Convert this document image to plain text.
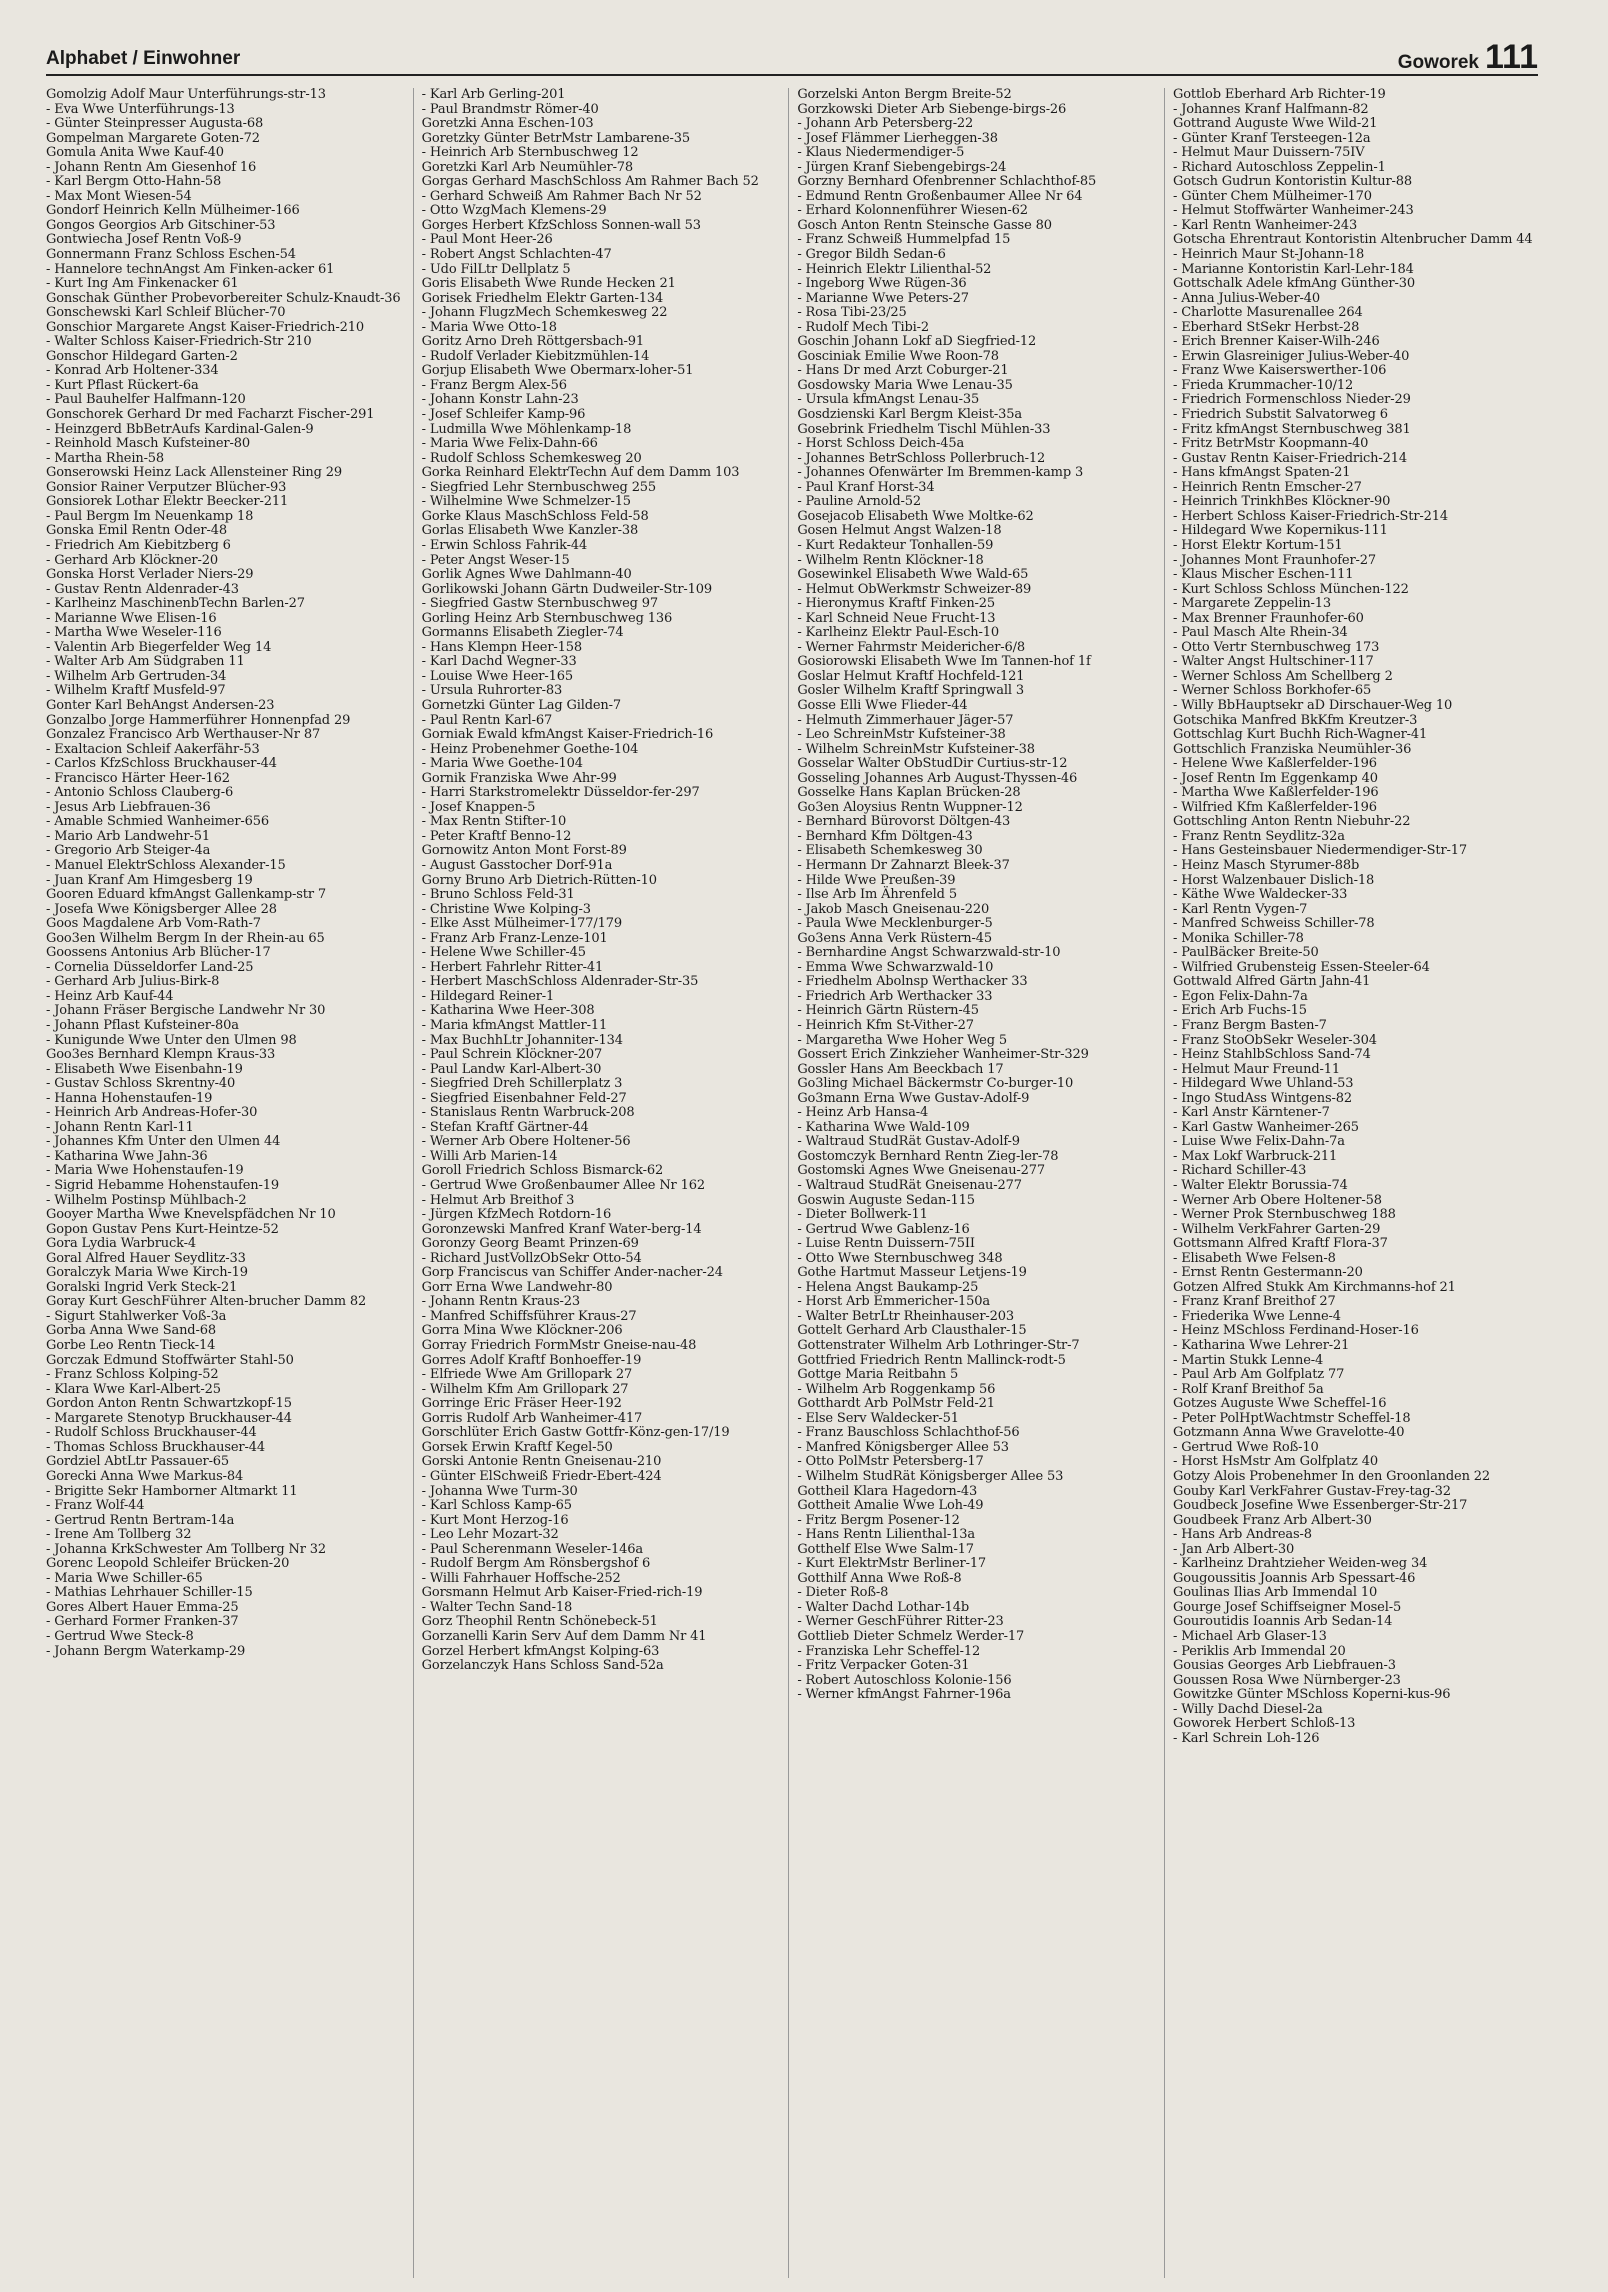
Alphabet / Einwohner	Goworek 111
Gomolzig Adolf Maur Unterführungs-str-13
- Eva Wwe Unterführungs-13
- Günter Steinpresser Augusta-68
Gompelman Margarete Goten-72
Gomula Anita Wwe Kauf-40
- Johann Rentn Am Giesenhof 16
- Karl Bergm Otto-Hahn-58
- Max Mont Wiesen-54
Gondorf Heinrich Kelln Mülheimer-166
Gongos Georgios Arb Gitschiner-53
Gontwiecha Josef Rentn Voß-9
Gonnermann Franz Schloss Eschen-54
- Hannelore technAngst Am Finken-acker 61
- Kurt Ing Am Finkenacker 61
Gonschak Günther Probevorbereiter Schulz-Knaudt-36
Gonschewski Karl Schleif Blücher-70
Gonschior Margarete Angst Kaiser-Friedrich-210
- Walter Schloss Kaiser-Friedrich-Str 210
Gonschor Hildegard Garten-2
- Konrad Arb Holtener-334
- Kurt Pflast Rückert-6a
- Paul Bauhelfer Halfmann-120
Gonschorek Gerhard Dr med Facharzt Fischer-291
- Heinzgerd BbBetrAufs Kardinal-Galen-9
- Reinhold Masch Kufsteiner-80
- Martha Rhein-58
Gonserowski Heinz Lack Allensteiner Ring 29
Gonsior Rainer Verputzer Blücher-93
Gonsiorek Lothar Elektr Beecker-211
- Paul Bergm Im Neuenkamp 18
Gonska Emil Rentn Oder-48
- Friedrich Am Kiebitzberg 6
- Gerhard Arb Klöckner-20
Gonska Horst Verlader Niers-29
- Gustav Rentn Aldenrader-43
- Karlheinz MaschinenbTechn Barlen-27
- Marianne Wwe Elisen-16
- Martha Wwe Weseler-116
- Valentin Arb Biegerfelder Weg 14
- Walter Arb Am Südgraben 11
- Wilhelm Arb Gertruden-34
- Wilhelm Kraftf Musfeld-97
Gonter Karl BehAngst Andersen-23
Gonzalbo Jorge Hammerführer Honnenpfad 29
Gonzalez Francisco Arb Werthauser-Nr 87
- Exaltacion Schleif Aakerfähr-53
- Carlos KfzSchloss Bruckhauser-44
- Francisco Härter Heer-162
- Antonio Schloss Clauberg-6
- Jesus Arb Liebfrauen-36
- Amable Schmied Wanheimer-656
- Mario Arb Landwehr-51
- Gregorio Arb Steiger-4a
- Manuel ElektrSchloss Alexander-15
- Juan Kranf Am Himgesberg 19
Gooren Eduard kfmAngst Gallenkamp-str 7
- Josefa Wwe Königsberger Allee 28
Goos Magdalene Arb Vom-Rath-7
Goo3en Wilhelm Bergm In der Rhein-au 65
Goossens Antonius Arb Blücher-17
- Cornelia Düsseldorfer Land-25
- Gerhard Arb Julius-Birk-8
- Heinz Arb Kauf-44
- Johann Fräser Bergische Landwehr Nr 30
- Johann Pflast Kufsteiner-80a
- Kunigunde Wwe Unter den Ulmen 98
Goo3es Bernhard Klempn Kraus-33
- Elisabeth Wwe Eisenbahn-19
- Gustav Schloss Skrentny-40
- Hanna Hohenstaufen-19
- Heinrich Arb Andreas-Hofer-30
- Johann Rentn Karl-11
- Johannes Kfm Unter den Ulmen 44
- Katharina Wwe Jahn-36
- Maria Wwe Hohenstaufen-19
- Sigrid Hebamme Hohenstaufen-19
- Wilhelm Postinsp Mühlbach-2
Gooyer Martha Wwe Knevelspfädchen Nr 10
Gopon Gustav Pens Kurt-Heintze-52
Gora Lydia Warbruck-4
Goral Alfred Hauer Seydlitz-33
Goralczyk Maria Wwe Kirch-19
Goralski Ingrid Verk Steck-21
Goray Kurt GeschFührer Alten-brucher Damm 82
- Sigurt Stahlwerker Voß-3a
Gorba Anna Wwe Sand-68
Gorbe Leo Rentn Tieck-14
Gorczak Edmund Stoffwärter Stahl-50
- Franz Schloss Kolping-52
- Klara Wwe Karl-Albert-25
Gordon Anton Rentn Schwartzkopf-15
- Margarete Stenotyp Bruckhauser-44
- Rudolf Schloss Bruckhauser-44
- Thomas Schloss Bruckhauser-44
Gordziel AbtLtr Passauer-65
Gorecki Anna Wwe Markus-84
- Brigitte Sekr Hamborner Altmarkt 11
- Franz Wolf-44
- Gertrud Rentn Bertram-14a
- Irene Am Tollberg 32
- Johanna KrkSchwester Am Tollberg Nr 32
Gorenc Leopold Schleifer Brücken-20
- Maria Wwe Schiller-65
- Mathias Lehrhauer Schiller-15
Gores Albert Hauer Emma-25
- Gerhard Former Franken-37
- Gertrud Wwe Steck-8
- Johann Bergm Waterkamp-29
- Karl Arb Gerling-201
- Paul Brandmstr Römer-40
Goretzki Anna Eschen-103
Goretzky Günter BetrMstr Lambarene-35
- Heinrich Arb Sternbuschweg 12
Goretzki Karl Arb Neumühler-78
Gorgas Gerhard MaschSchloss Am Rahmer Bach 52
- Gerhard Schweiß Am Rahmer Bach Nr 52
- Otto WzgMach Klemens-29
Gorges Herbert KfzSchloss Sonnen-wall 53
- Paul Mont Heer-26
- Robert Angst Schlachten-47
- Udo FilLtr Dellplatz 5
Goris Elisabeth Wwe Runde Hecken 21
Gorisek Friedhelm Elektr Garten-134
- Johann FlugzMech Schemkesweg 22
- Maria Wwe Otto-18
Goritz Arno Dreh Röttgersbach-91
- Rudolf Verlader Kiebitzmühlen-14
Gorjup Elisabeth Wwe Obermarx-loher-51
- Franz Bergm Alex-56
- Johann Konstr Lahn-23
- Josef Schleifer Kamp-96
- Ludmilla Wwe Möhlenkamp-18
- Maria Wwe Felix-Dahn-66
- Rudolf Schloss Schemkesweg 20
Gorka Reinhard ElektrTechn Auf dem Damm 103
- Siegfried Lehr Sternbuschweg 255
- Wilhelmine Wwe Schmelzer-15
Gorke Klaus MaschSchloss Feld-58
Gorlas Elisabeth Wwe Kanzler-38
- Erwin Schloss Fahrik-44
- Peter Angst Weser-15
Gorlik Agnes Wwe Dahlmann-40
Gorlikowski Johann Gärtn Dudweiler-Str-109
- Siegfried Gastw Sternbuschweg 97
Gorling Heinz Arb Sternbuschweg 136
Gormanns Elisabeth Ziegler-74
- Hans Klempn Heer-158
- Karl Dachd Wegner-33
- Louise Wwe Heer-165
- Ursula Ruhrorter-83
Gornetzki Günter Lag Gilden-7
- Paul Rentn Karl-67
Gorniak Ewald kfmAngst Kaiser-Friedrich-16
- Heinz Probenehmer Goethe-104
- Maria Wwe Goethe-104
Gornik Franziska Wwe Ahr-99
- Harri Starkstromelektr Düsseldor-fer-297
- Josef Knappen-5
- Max Rentn Stifter-10
- Peter Kraftf Benno-12
Gornowitz Anton Mont Forst-89
- August Gasstocher Dorf-91a
Gorny Bruno Arb Dietrich-Rütten-10
- Bruno Schloss Feld-31
- Christine Wwe Kolping-3
- Elke Asst Mülheimer-177/179
- Franz Arb Franz-Lenze-101
- Helene Wwe Schiller-45
- Herbert Fahrlehr Ritter-41
- Herbert MaschSchloss Aldenrader-Str-35
- Hildegard Reiner-1
- Katharina Wwe Heer-308
- Maria kfmAngst Mattler-11
- Max BuchhLtr Johanniter-134
- Paul Schrein Klöckner-207
- Paul Landw Karl-Albert-30
- Siegfried Dreh Schillerplatz 3
- Siegfried Eisenbahner Feld-27
- Stanislaus Rentn Warbruck-208
- Stefan Kraftf Gärtner-44
- Werner Arb Obere Holtener-56
- Willi Arb Marien-14
Goroll Friedrich Schloss Bismarck-62
- Gertrud Wwe Großenbaumer Allee Nr 162
- Helmut Arb Breithof 3
- Jürgen KfzMech Rotdorn-16
Goronzewski Manfred Kranf Water-berg-14
Goronzy Georg Beamt Prinzen-69
- Richard JustVollzObSekr Otto-54
Gorp Franciscus van Schiffer Ander-nacher-24
Gorr Erna Wwe Landwehr-80
- Johann Rentn Kraus-23
- Manfred Schiffsführer Kraus-27
Gorra Mina Wwe Klöckner-206
Gorray Friedrich FormMstr Gneise-nau-48
Gorres Adolf Kraftf Bonhoeffer-19
- Elfriede Wwe Am Grillopark 27
- Wilhelm Kfm Am Grillopark 27
Gorringe Eric Fräser Heer-192
Gorris Rudolf Arb Wanheimer-417
Gorschlüter Erich Gastw Gottfr-Könz-gen-17/19
Gorsek Erwin Kraftf Kegel-50
Gorski Antonie Rentn Gneisenau-210
- Günter ElSchweiß Friedr-Ebert-424
- Johanna Wwe Turm-30
- Karl Schloss Kamp-65
- Kurt Mont Herzog-16
- Leo Lehr Mozart-32
- Paul Scherenmann Weseler-146a
- Rudolf Bergm Am Rönsbergshof 6
- Willi Fahrhauer Hoffsche-252
Gorsmann Helmut Arb Kaiser-Fried-rich-19
- Walter Techn Sand-18
Gorz Theophil Rentn Schönebeck-51
Gorzanelli Karin Serv Auf dem Damm Nr 41
Gorzel Herbert kfmAngst Kolping-63
Gorzelanczyk Hans Schloss Sand-52a
Gorzelski Anton Bergm Breite-52
Gorzkowski Dieter Arb Siebenge-birgs-26
- Johann Arb Petersberg-22
- Josef Flämmer Lierheggen-38
- Klaus Niedermendiger-5
- Jürgen Kranf Siebengebirgs-24
Gorzny Bernhard Ofenbrenner Schlachthof-85
- Edmund Rentn Großenbaumer Allee Nr 64
- Erhard Kolonnenführer Wiesen-62
Gosch Anton Rentn Steinsche Gasse 80
- Franz Schweiß Hummelpfad 15
- Gregor Bildh Sedan-6
- Heinrich Elektr Lilienthal-52
- Ingeborg Wwe Rügen-36
- Marianne Wwe Peters-27
- Rosa Tibi-23/25
- Rudolf Mech Tibi-2
Goschin Johann Lokf aD Siegfried-12
Gosciniak Emilie Wwe Roon-78
- Hans Dr med Arzt Coburger-21
Gosdowsky Maria Wwe Lenau-35
- Ursula kfmAngst Lenau-35
Gosdzienski Karl Bergm Kleist-35a
Gosebrink Friedhelm Tischl Mühlen-33
- Horst Schloss Deich-45a
- Johannes BetrSchloss Pollerbruch-12
- Johannes Ofenwärter Im Bremmen-kamp 3
- Paul Kranf Horst-34
- Pauline Arnold-52
Gosejacob Elisabeth Wwe Moltke-62
Gosen Helmut Angst Walzen-18
- Kurt Redakteur Tonhallen-59
- Wilhelm Rentn Klöckner-18
Gosewinkel Elisabeth Wwe Wald-65
- Helmut ObWerkmstr Schweizer-89
- Hieronymus Kraftf Finken-25
- Karl Schneid Neue Frucht-13
- Karlheinz Elektr Paul-Esch-10
- Werner Fahrmstr Meidericher-6/8
Gosiorowski Elisabeth Wwe Im Tannen-hof 1f
Goslar Helmut Kraftf Hochfeld-121
Gosler Wilhelm Kraftf Springwall 3
Gosse Elli Wwe Flieder-44
- Helmuth Zimmerhauer Jäger-57
- Leo SchreinMstr Kufsteiner-38
- Wilhelm SchreinMstr Kufsteiner-38
Gosselar Walter ObStudDir Curtius-str-12
Gosseling Johannes Arb August-Thyssen-46
Gosselke Hans Kaplan Brücken-28
Go3en Aloysius Rentn Wuppner-12
- Bernhard Bürovorst Döltgen-43
- Bernhard Kfm Döltgen-43
- Elisabeth Schemkesweg 30
- Hermann Dr Zahnarzt Bleek-37
- Hilde Wwe Preußen-39
- Ilse Arb Im Ährenfeld 5
- Jakob Masch Gneisenau-220
- Paula Wwe Mecklenburger-5
Go3ens Anna Verk Rüstern-45
- Bernhardine Angst Schwarzwald-str-10
- Emma Wwe Schwarzwald-10
- Friedhelm Abolnsp Werthacker 33
- Friedrich Arb Werthacker 33
- Heinrich Gärtn Rüstern-45
- Heinrich Kfm St-Vither-27
- Margaretha Wwe Hoher Weg 5
Gossert Erich Zinkzieher Wanheimer-Str-329
Gossler Hans Am Beeckbach 17
Go3ling Michael Bäckermstr Co-burger-10
Go3mann Erna Wwe Gustav-Adolf-9
- Heinz Arb Hansa-4
- Katharina Wwe Wald-109
- Waltraud StudRät Gustav-Adolf-9
Gostomczyk Bernhard Rentn Zieg-ler-78
Gostomski Agnes Wwe Gneisenau-277
- Waltraud StudRät Gneisenau-277
Goswin Auguste Sedan-115
- Dieter Bollwerk-11
- Gertrud Wwe Gablenz-16
- Luise Rentn Duissern-75II
- Otto Wwe Sternbuschweg 348
Gothe Hartmut Masseur Letjens-19
- Helena Angst Baukamp-25
- Horst Arb Emmericher-150a
- Walter BetrLtr Rheinhauser-203
Gottelt Gerhard Arb Clausthaler-15
Gottenstrater Wilhelm Arb Lothringer-Str-7
Gottfried Friedrich Rentn Mallinck-rodt-5
Gottge Maria Reitbahn 5
- Wilhelm Arb Roggenkamp 56
Gotthardt Arb PolMstr Feld-21
- Else Serv Waldecker-51
- Franz Bauschloss Schlachthof-56
- Manfred Königsberger Allee 53
- Otto PolMstr Petersberg-17
- Wilhelm StudRät Königsberger Allee 53
Gottheil Klara Hagedorn-43
Gottheit Amalie Wwe Loh-49
- Fritz Bergm Posener-12
- Hans Rentn Lilienthal-13a
Gotthelf Else Wwe Salm-17
- Kurt ElektrMstr Berliner-17
Gotthilf Anna Wwe Roß-8
- Dieter Roß-8
- Walter Dachd Lothar-14b
- Werner GeschFührer Ritter-23
Gottlieb Dieter Schmelz Werder-17
- Franziska Lehr Scheffel-12
- Fritz Verpacker Goten-31
- Robert Autoschloss Kolonie-156
- Werner kfmAngst Fahrner-196a
Gottlob Eberhard Arb Richter-19
- Johannes Kranf Halfmann-82
Gottrand Auguste Wwe Wild-21
- Günter Kranf Tersteegen-12a
- Helmut Maur Duissern-75IV
- Richard Autoschloss Zeppelin-1
Gotsch Gudrun Kontoristin Kultur-88
- Günter Chem Mülheimer-170
- Helmut Stoffwärter Wanheimer-243
- Karl Rentn Wanheimer-243
Gotscha Ehrentraut Kontoristin Altenbrucher Damm 44
- Heinrich Maur St-Johann-18
- Marianne Kontoristin Karl-Lehr-184
Gottschalk Adele kfmAng Günther-30
- Anna Julius-Weber-40
- Charlotte Masurenallee 264
- Eberhard StSekr Herbst-28
- Erich Brenner Kaiser-Wilh-246
- Erwin Glasreiniger Julius-Weber-40
- Franz Wwe Kaiserswerther-106
- Frieda Krummacher-10/12
- Friedrich Formenschloss Nieder-29
- Friedrich Substit Salvatorweg 6
- Fritz kfmAngst Sternbuschweg 381
- Fritz BetrMstr Koopmann-40
- Gustav Rentn Kaiser-Friedrich-214
- Hans kfmAngst Spaten-21
- Heinrich Rentn Emscher-27
- Heinrich TrinkhBes Klöckner-90
- Herbert Schloss Kaiser-Friedrich-Str-214
- Hildegard Wwe Kopernikus-111
- Horst Elektr Kortum-151
- Johannes Mont Fraunhofer-27
- Klaus Mischer Eschen-111
- Kurt Schloss Schloss München-122
- Margarete Zeppelin-13
- Max Brenner Fraunhofer-60
- Paul Masch Alte Rhein-34
- Otto Vertr Sternbuschweg 173
- Walter Angst Hultschiner-117
- Werner Schloss Am Schellberg 2
- Werner Schloss Borkhofer-65
- Willy BbHauptsekr aD Dirschauer-Weg 10
Gotschika Manfred BkKfm Kreutzer-3
Gottschlag Kurt Buchh Rich-Wagner-41
Gottschlich Franziska Neumühler-36
- Helene Wwe Kaßlerfelder-196
- Josef Rentn Im Eggenkamp 40
- Martha Wwe Kaßlerfelder-196
- Wilfried Kfm Kaßlerfelder-196
Gottschling Anton Rentn Niebuhr-22
- Franz Rentn Seydlitz-32a
- Hans Gesteinsbauer Niedermendiger-Str-17
- Heinz Masch Styrumer-88b
- Horst Walzenbauer Dislich-18
- Käthe Wwe Waldecker-33
- Karl Rentn Vygen-7
- Manfred Schweiss Schiller-78
- Monika Schiller-78
- PaulBäcker Breite-50
- Wilfried Grubensteig Essen-Steeler-64
Gottwald Alfred Gärtn Jahn-41
- Egon Felix-Dahn-7a
- Erich Arb Fuchs-15
- Franz Bergm Basten-7
- Franz StoObSekr Weseler-304
- Heinz StahlbSchloss Sand-74
- Helmut Maur Freund-11
- Hildegard Wwe Uhland-53
- Ingo StudAss Wintgens-82
- Karl Anstr Kärntener-7
- Karl Gastw Wanheimer-265
- Luise Wwe Felix-Dahn-7a
- Max Lokf Warbruck-211
- Richard Schiller-43
- Walter Elektr Borussia-74
- Werner Arb Obere Holtener-58
- Werner Prok Sternbuschweg 188
- Wilhelm VerkFahrer Garten-29
Gottsmann Alfred Kraftf Flora-37
- Elisabeth Wwe Felsen-8
- Ernst Rentn Gestermann-20
Gotzen Alfred Stukk Am Kirchmanns-hof 21
- Franz Kranf Breithof 27
- Friederika Wwe Lenne-4
- Heinz MSchloss Ferdinand-Hoser-16
- Katharina Wwe Lehrer-21
- Martin Stukk Lenne-4
- Paul Arb Am Golfplatz 77
- Rolf Kranf Breithof 5a
Gotzes Auguste Wwe Scheffel-16
- Peter PolHptWachtmstr Scheffel-18
Gotzmann Anna Wwe Gravelotte-40
- Gertrud Wwe Roß-10
- Horst HsMstr Am Golfplatz 40
Gotzy Alois Probenehmer In den Groonlanden 22
Gouby Karl VerkFahrer Gustav-Frey-tag-32
Goudbeck Josefine Wwe Essenberger-Str-217
Goudbeek Franz Arb Albert-30
- Hans Arb Andreas-8
- Jan Arb Albert-30
- Karlheinz Drahtzieher Weiden-weg 34
Gougoussitis Joannis Arb Spessart-46
Goulinas Ilias Arb Immendal 10
Gourge Josef Schiffseigner Mosel-5
Gouroutidis Ioannis Arb Sedan-14
- Michael Arb Glaser-13
- Periklis Arb Immendal 20
Gousias Georges Arb Liebfrauen-3
Goussen Rosa Wwe Nürnberger-23
Gowitzke Günter MSchloss Koperni-kus-96
- Willy Dachd Diesel-2a
Goworek Herbert Schloß-13
- Karl Schrein Loh-126
